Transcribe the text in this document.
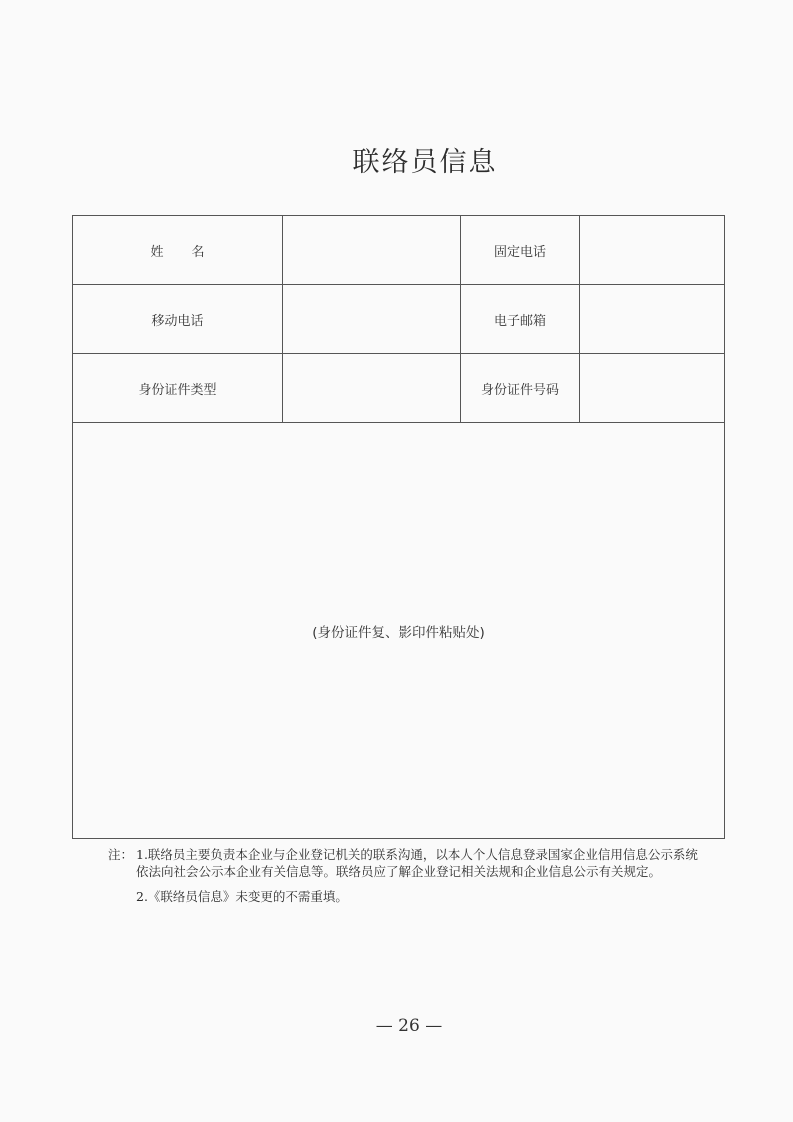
联络员信息
姓名		固定电话	
移动电话		电子邮箱	
身份证件类型		身份证件号码	
(身份证件复、影印件粘贴处)			
注： 1.联络员主要负责本企业与企业登记机关的联系沟通，以本人个人信息登录国家企业信用信息公示系统依法向社会公示本企业有关信息等。联络员应了解企业登记相关法规和企业信息公示有关规定。
2.《联络员信息》未变更的不需重填。
— 26 —
